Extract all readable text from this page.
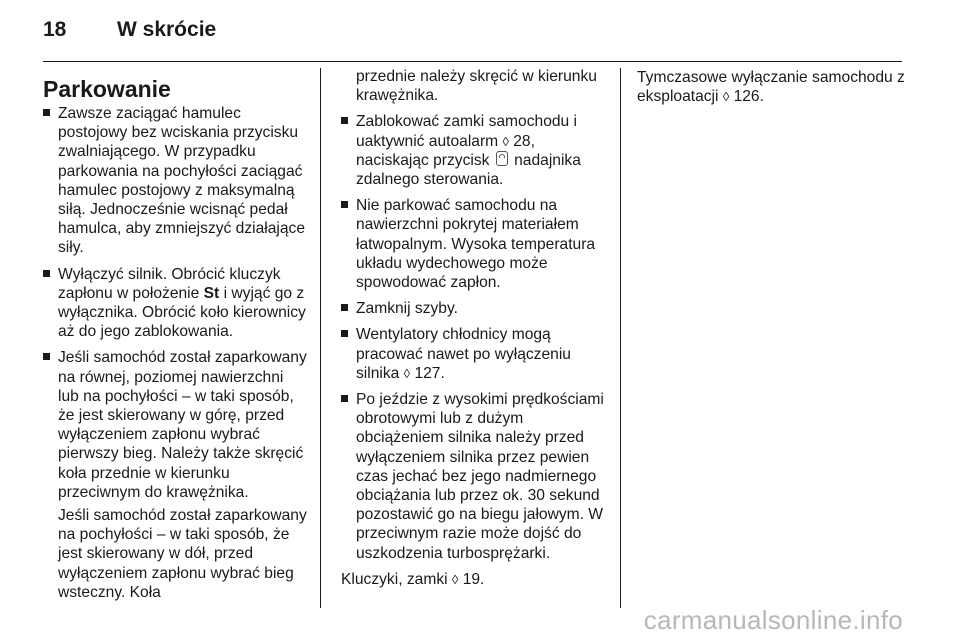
18	W skrócie
Parkowanie
Zawsze zaciągać hamulec postojowy bez wciskania przycisku zwalniającego. W przypadku parkowania na pochyłości zaciągać hamulec postojowy z maksymalną siłą. Jednocześnie wcisnąć pedał hamulca, aby zmniejszyć działające siły.
Wyłączyć silnik. Obrócić kluczyk zapłonu w położenie St i wyjąć go z wyłącznika. Obrócić koło kierownicy aż do jego zablokowania.
Jeśli samochód został zaparkowany na równej, poziomej nawierzchni lub na pochyłości – w taki sposób, że jest skierowany w górę, przed wyłączeniem zapłonu wybrać pierwszy bieg. Należy także skręcić koła przednie w kierunku przeciwnym do krawężnika.

Jeśli samochód został zaparkowany na pochyłości – w taki sposób, że jest skierowany w dół, przed wyłączeniem zapłonu wybrać bieg wsteczny. Koła

przednie należy skręcić w kierunku krawężnika.

Zablokować zamki samochodu i uaktywnić autoalarm ◊ 28, naciskając przycisk  nadajnika zdalnego sterowania.
Nie parkować samochodu na nawierzchni pokrytej materiałem łatwopalnym. Wysoka temperatura układu wydechowego może spowodować zapłon.
Zamknij szyby.
Wentylatory chłodnicy mogą pracować nawet po wyłączeniu silnika ◊ 127.
Po jeździe z wysokimi prędkościami obrotowymi lub z dużym obciążeniem silnika należy przed wyłączeniem silnika przez pewien czas jechać bez jego nadmiernego obciążania lub przez ok. 30 sekund pozostawić go na biegu jałowym. W przeciwnym razie może dojść do uszkodzenia turbosprężarki.

Kluczyki, zamki ◊ 19.

Tymczasowe wyłączanie samochodu z eksploatacji ◊ 126.

carmanualsonline.info
